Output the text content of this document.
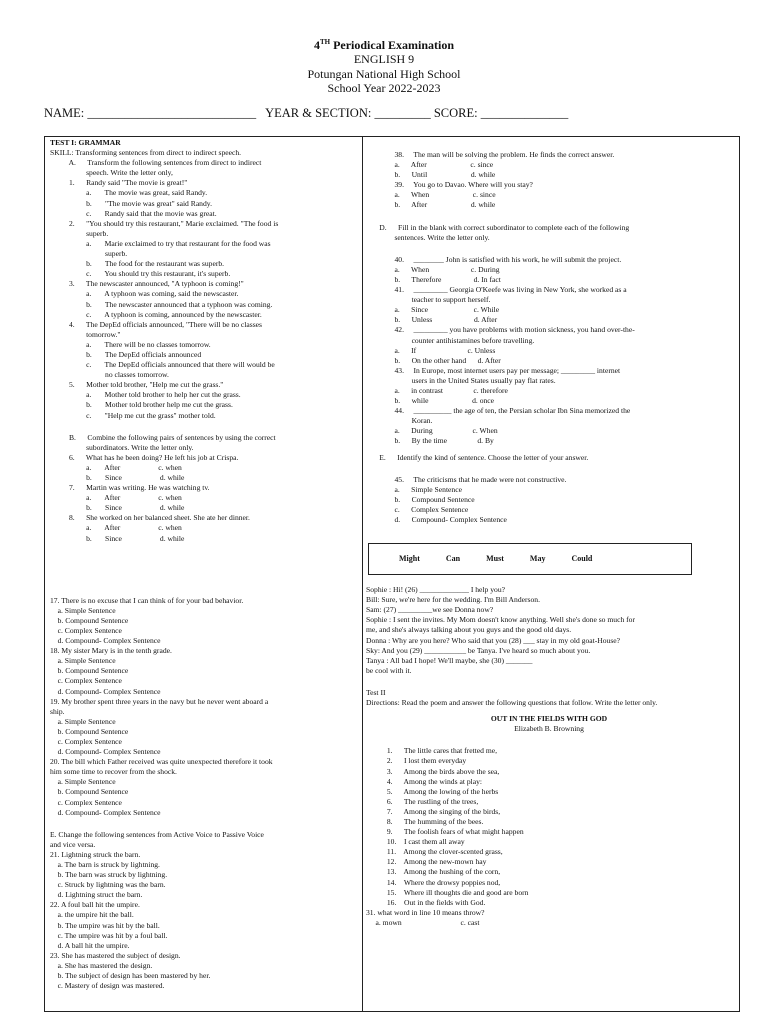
4TH Periodical Examination
ENGLISH 9
Potungan National High School
School Year 2022-2023
NAME: ___________________________   YEAR & SECTION: _________ SCORE: ______________
TEST I: GRAMMAR
SKILL: Transforming sentences from direct to indirect speech.
A.      Transform the following sentences from direct to indirect
speech. Write the letter only,
1.      Randy said "The movie is great!"
a.       The movie was great, said Randy.
b.       "The movie was great" said Randy.
c.       Randy said that the movie was great.
2.      "You should try this restaurant," Marie exclaimed. "The food is
superb.
a.       Marie exclaimed to try that restaurant for the food was
superb.
b.       The food for the restaurant was superb.
c.       You should try this restaurant, it's superb.
3.      The newscaster announced, "A typhoon is coming!"
a.       A typhoon was coming, said the newscaster.
b.       The newscaster announced that a typhoon was coming.
c.       A typhoon is coming, announced by the newscaster.
4.      The DepEd officials announced, "There will be no classes
tomorrow."
a.       There will be no classes tomorrow.
b.       The DepEd officials announced
c.       The DepEd officials announced that there will would be
no classes tomorrow.
5.      Mother told brother, "Help me cut the grass."
a.       Mother told brother to help her cut the grass.
b.       Mother told brother help me cut the grass.
c.       "Help me cut the grass" mother told.
B.      Combine the following pairs of sentences by using the correct
subordinators. Write the letter only.
6.      What has he been doing? He left his job at Crispa.
a.       After                    c. when
b.       Since                    d. while
7.      Martin was writing. He was watching tv.
a.       After                    c. when
b.       Since                    d. while
8.      She worked on her balanced sheet. She ate her dinner.
a.       After                    c. when
b.       Since                    d. while
17. There is no excuse that I can think of for your bad behavior.
a. Simple Sentence
b. Compound Sentence
c. Complex Sentence
d. Compound- Complex Sentence
18. My sister Mary is in the tenth grade.
a. Simple Sentence
b. Compound Sentence
c. Complex Sentence
d. Compound- Complex Sentence
19. My brother spent three years in the navy but he never went aboard a
ship.
a. Simple Sentence
b. Compound Sentence
c. Complex Sentence
d. Compound- Complex Sentence
20. The bill which Father received was quite unexpected therefore it took
him some time to recover from the shock.
a. Simple Sentence
b. Compound Sentence
c. Complex Sentence
d. Compound- Complex Sentence
E. Change the following sentences from Active Voice to Passive Voice
and vice versa.
21. Lightning struck the barn.
a. The barn is struck by lightning.
b. The barn was struck by lightning.
c. Struck by lightning was the barn.
d. Lightning struct the barn.
22. A foul ball hit the umpire.
a. the umpire hit the ball.
b. The umpire was hit by the ball.
c. The umpire was hit by a foul ball.
d. A ball hit the umpire.
23. She has mastered the subject of design.
a. She has mastered the design.
b. The subject of design has been mastered by her.
c. Mastery of design was mastered.
38.     The man will be solving the problem. He finds the correct answer.
a.      After                       c. since
b.      Until                       d. while
39.     You go to Davao. Where will you stay?
a.      When                       c. since
b.      After                       d. while
D.      Fill in the blank with correct subordinator to complete each of the following
sentences. Write the letter only.
40.     ________ John is satisfied with his work, he will submit the project.
a.      When                      c. During
b.      Therefore                 d. In fact
41.     _________ Georgia O'Keefe was living in New York, she worked as a
teacher to support herself.
a.      Since                        c. While
b.      Unless                      d. After
42.     _________ you have problems with motion sickness, you hand over-the-
counter antihistamines before travelling.
a.      If                           c. Unless
b.      On the other hand      d. After
43.     In Europe, most internet users pay per message; _________ internet
users in the United States usually pay flat rates.
a.      in contrast                c. therefore
b.      while                       d. once
44.     __________ the age of ten, the Persian scholar Ibn Sina memorized the
Koran.
a.      During                     c. When
b.      By the time                d. By
E.      Identify the kind of sentence. Choose the letter of your answer.
45.     The criticisms that he made were not constructive.
a.      Simple Sentence
b.      Compound Sentence
c.      Complex Sentence
d.      Compound- Complex Sentence
Might	Can	Must	May	Could
Sophie : Hi! (26) _____________ I help you?
Bill: Sure, we're here for the wedding. I'm Bill Anderson.
Sam: (27) _________we see Donna now?
Sophie : I sent the invites. My Mom doesn't know anything. Well she's done so much for
me, and she's always talking about you guys and the good old days.
Donna : Why are you here? Who said that you (28) ___ stay in my old goat-House?
Sky: And you (29) ___________ be Tanya. I've heard so much about you.
Tanya : All bad I hope! We'll maybe, she (30) _______
be cool with it.
Test II
Directions: Read the poem and answer the following questions that follow. Write the letter only.
OUT IN THE FIELDS WITH GOD
Elizabeth B. Browning
1.      The little cares that fretted me,
2.      I lost them everyday
3.      Among the birds above the sea,
4.      Among the winds at play:
5.      Among the lowing of the herbs
6.      The rustling of the trees,
7.      Among the singing of the birds,
8.      The humming of the bees.
9.      The foolish fears of what might happen
10.    I cast them all away
11.    Among the clover-scented grass,
12.    Among the new-mown hay
13.    Among the hushing of the corn,
14.    Where the drowsy poppies nod,
15.    Where ill thoughts die and good are born
16.    Out in the fields with God.
31. what word in line 10 means throw?
a. mown                               c. cast
